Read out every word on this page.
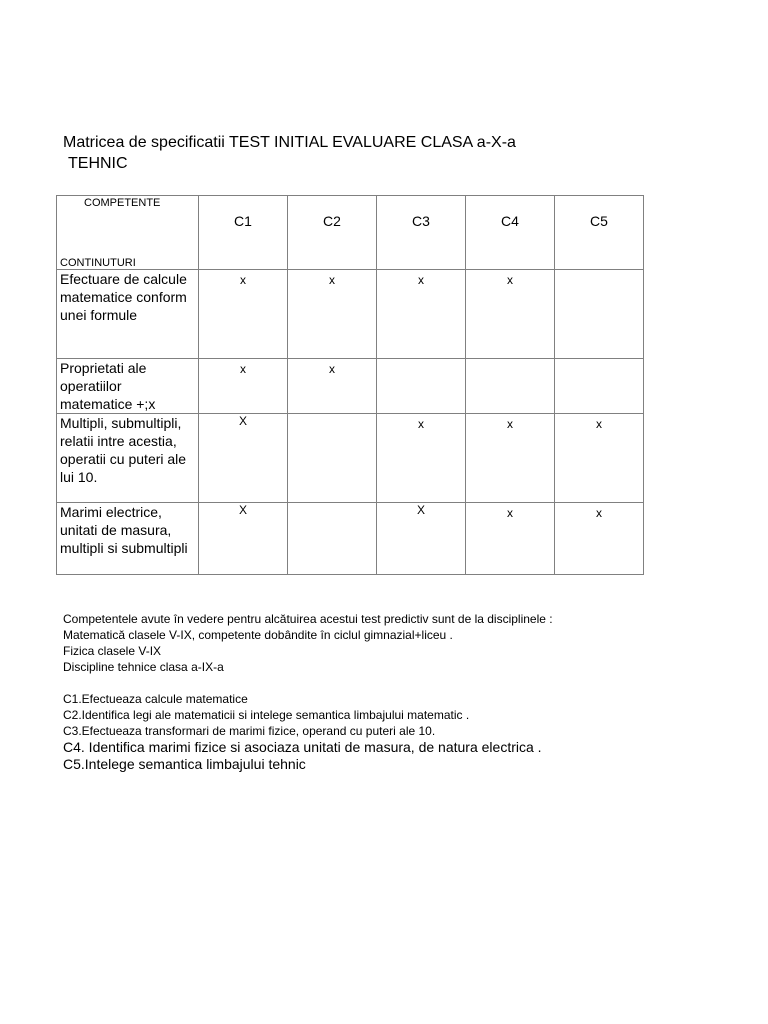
Matricea de specificatii TEST INITIAL EVALUARE CLASA a-X-a
TEHNIC
COMPETENTE
CONTINUTURI	C1	C2	C3	C4	C5

Efectuare de calcule matematice conform unei formule	x	x	x	x	

Proprietati ale operatiilor matematice +;x	x	x			

Multipli, submultipli, relatii intre acestia, operatii cu puteri ale lui 10.	X		x	x	x

Marimi electrice, unitati de masura, multipli si submultipli	X		X	x	x

Competentele avute în vedere pentru alcătuirea acestui test predictiv sunt de la disciplinele :

Matematică clasele V-IX, competente dobândite în ciclul gimnazial+liceu .

Fizica clasele V-IX

Discipline tehnice clasa a-IX-a

C1.Efectueaza calcule matematice

C2.Identifica legi ale matematicii si intelege semantica limbajului matematic .

C3.Efectueaza transformari de marimi fizice, operand cu puteri ale 10.

C4. Identifica marimi fizice si asociaza unitati de masura, de natura electrica .

C5.Intelege semantica limbajului tehnic
